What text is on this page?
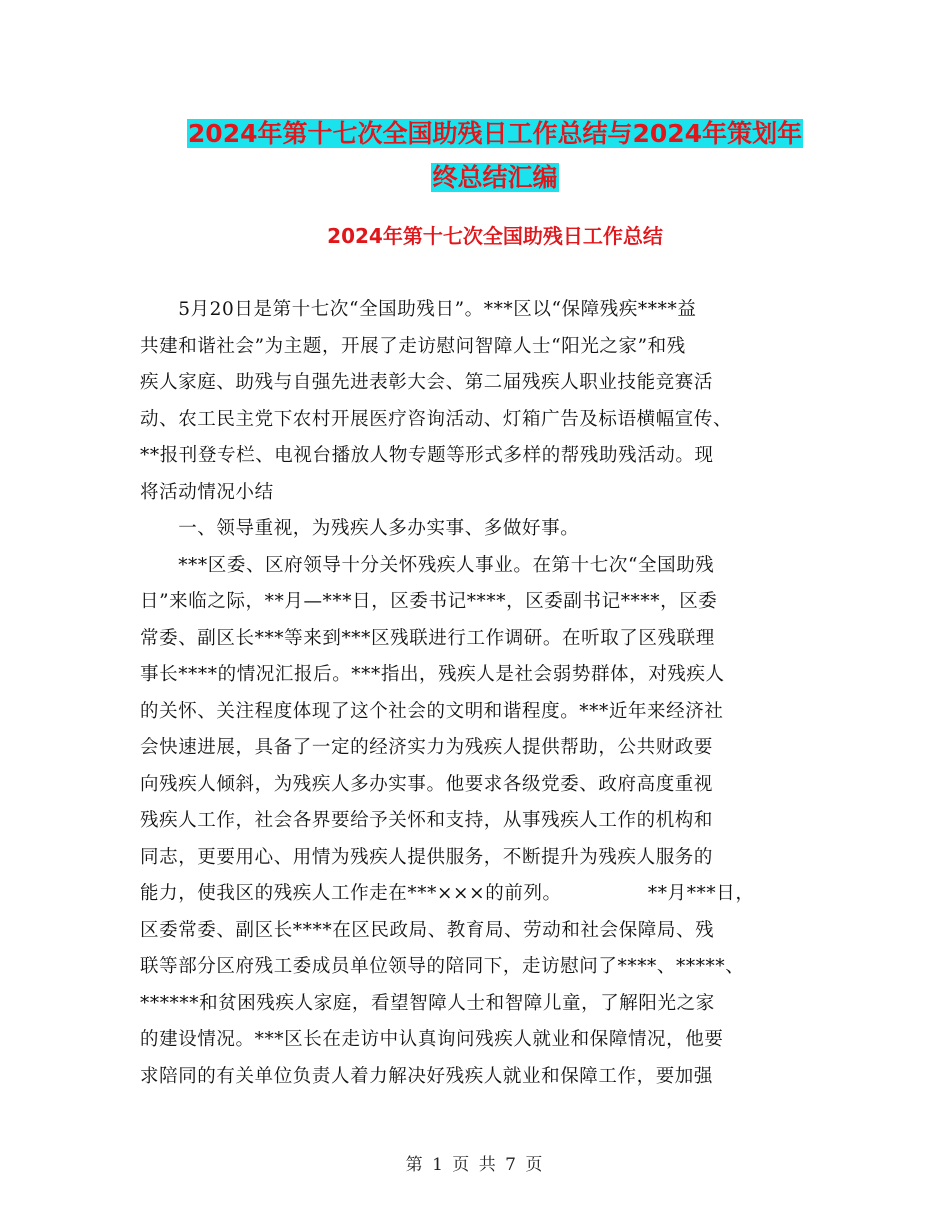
2024年第十七次全国助残日工作总结与2024年策划年
终总结汇编
2024年第十七次全国助残日工作总结
　　5月20日是第十七次“全国助残日”。***区以“保障残疾****益
共建和谐社会”为主题，开展了走访慰问智障人士“阳光之家”和残
疾人家庭、助残与自强先进表彰大会、第二届残疾人职业技能竞赛活
动、农工民主党下农村开展医疗咨询活动、灯箱广告及标语横幅宣传、
**报刊登专栏、电视台播放人物专题等形式多样的帮残助残活动。现
将活动情况小结
　　一、领导重视，为残疾人多办实事、多做好事。
　　***区委、区府领导十分关怀残疾人事业。在第十七次“全国助残
日”来临之际，**月—***日，区委书记****，区委副书记****，区委
常委、副区长***等来到***区残联进行工作调研。在听取了区残联理
事长****的情况汇报后。***指出，残疾人是社会弱势群体，对残疾人
的关怀、关注程度体现了这个社会的文明和谐程度。***近年来经济社
会快速进展，具备了一定的经济实力为残疾人提供帮助，公共财政要
向残疾人倾斜，为残疾人多办实事。他要求各级党委、政府高度重视
残疾人工作，社会各界要给予关怀和支持，从事残疾人工作的机构和
同志，更要用心、用情为残疾人提供服务，不断提升为残疾人服务的
能力，使我区的残疾人工作走在***×××的前列。　　　　　**月***日，
区委常委、副区长****在区民政局、教育局、劳动和社会保障局、残
联等部分区府残工委成员单位领导的陪同下，走访慰问了****、*****、
******和贫困残疾人家庭，看望智障人士和智障儿童，了解阳光之家
的建设情况。***区长在走访中认真询问残疾人就业和保障情况，他要
求陪同的有关单位负责人着力解决好残疾人就业和保障工作，要加强
第 1 页 共 7 页
